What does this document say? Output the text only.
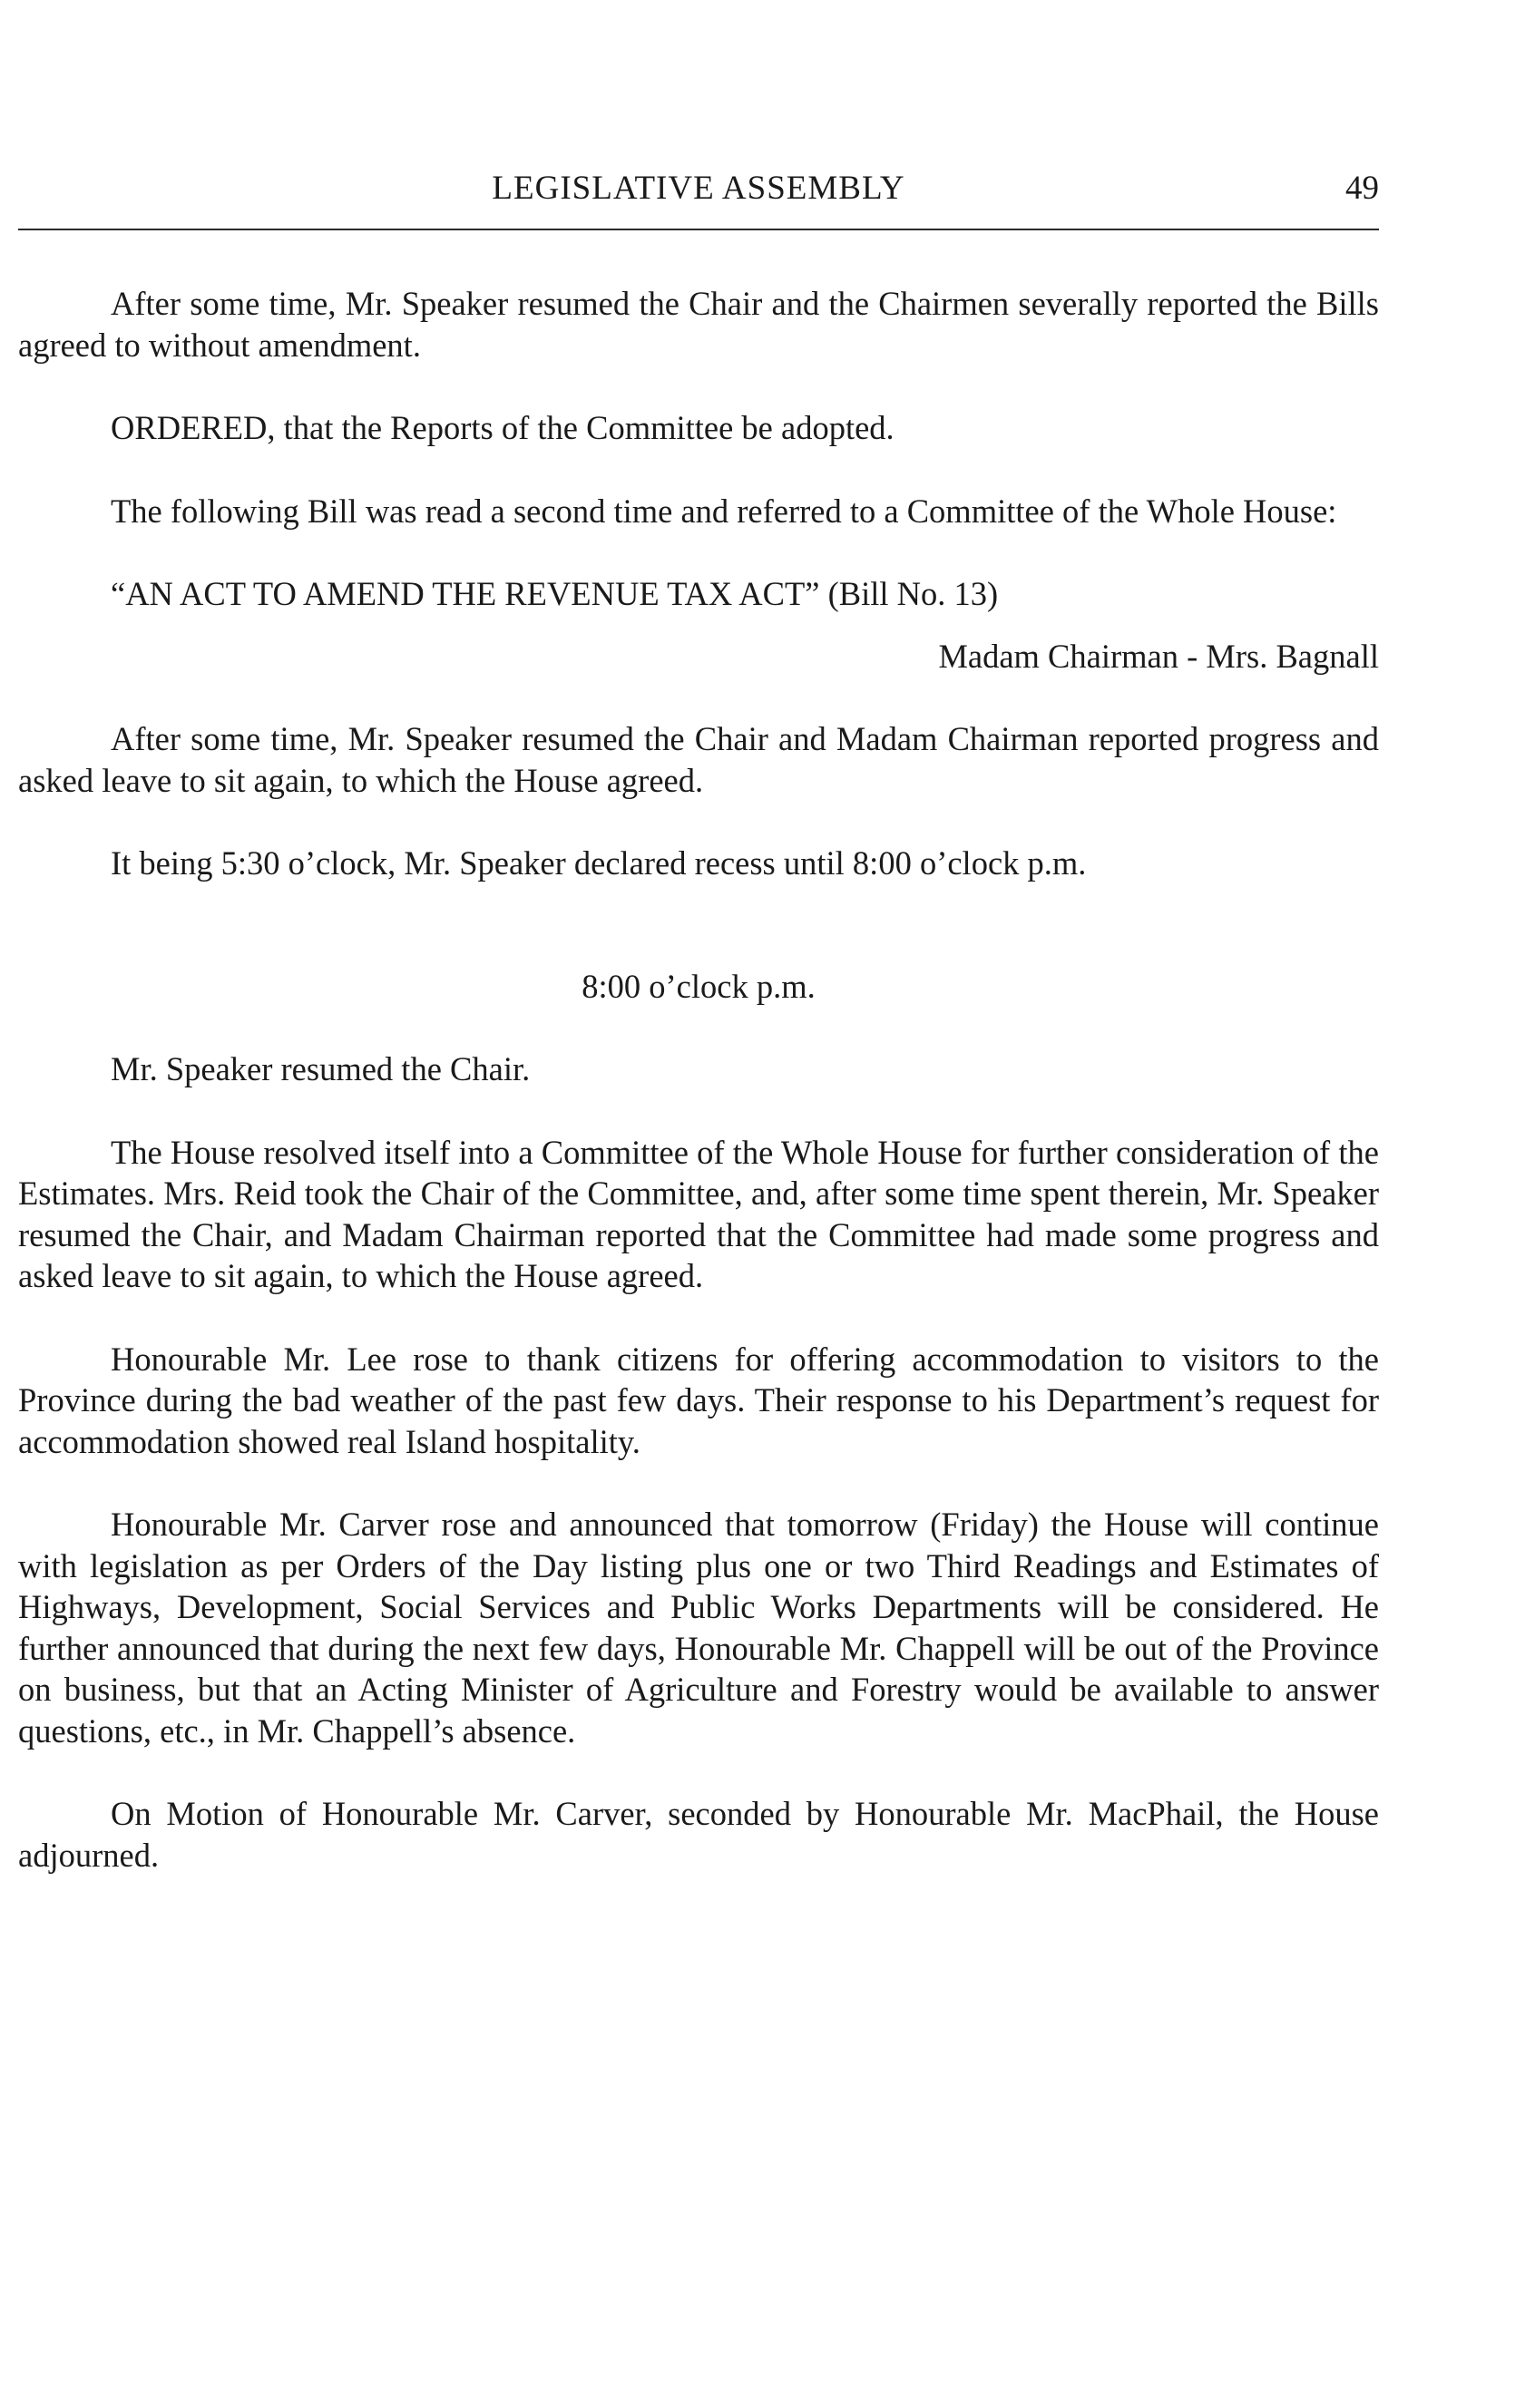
LEGISLATIVE ASSEMBLY	49

After some time, Mr. Speaker resumed the Chair and the Chairmen severally reported the Bills agreed to without amendment.

ORDERED, that the Reports of the Committee be adopted.

The following Bill was read a second time and referred to a Committee of the Whole House:

“AN ACT TO AMEND THE REVENUE TAX ACT” (Bill No. 13)

Madam Chairman - Mrs. Bagnall

After some time, Mr. Speaker resumed the Chair and Madam Chairman reported progress and asked leave to sit again, to which the House agreed.

It being 5:30 o’clock, Mr. Speaker declared recess until 8:00 o’clock p.m.

8:00 o’clock p.m.

Mr. Speaker resumed the Chair.

The House resolved itself into a Committee of the Whole House for further consideration of the Estimates. Mrs. Reid took the Chair of the Committee, and, after some time spent therein, Mr. Speaker resumed the Chair, and Madam Chairman reported that the Committee had made some progress and asked leave to sit again, to which the House agreed.

Honourable Mr. Lee rose to thank citizens for offering accommodation to visitors to the Province during the bad weather of the past few days. Their response to his Department’s request for accommodation showed real Island hospitality.

Honourable Mr. Carver rose and announced that tomorrow (Friday) the House will continue with legislation as per Orders of the Day listing plus one or two Third Readings and Estimates of Highways, Development, Social Services and Public Works Departments will be considered. He further announced that during the next few days, Honourable Mr. Chappell will be out of the Province on business, but that an Acting Minister of Agriculture and Forestry would be available to answer questions, etc., in Mr. Chappell’s absence.

On Motion of Honourable Mr. Carver, seconded by Honourable Mr. MacPhail, the House adjourned.
